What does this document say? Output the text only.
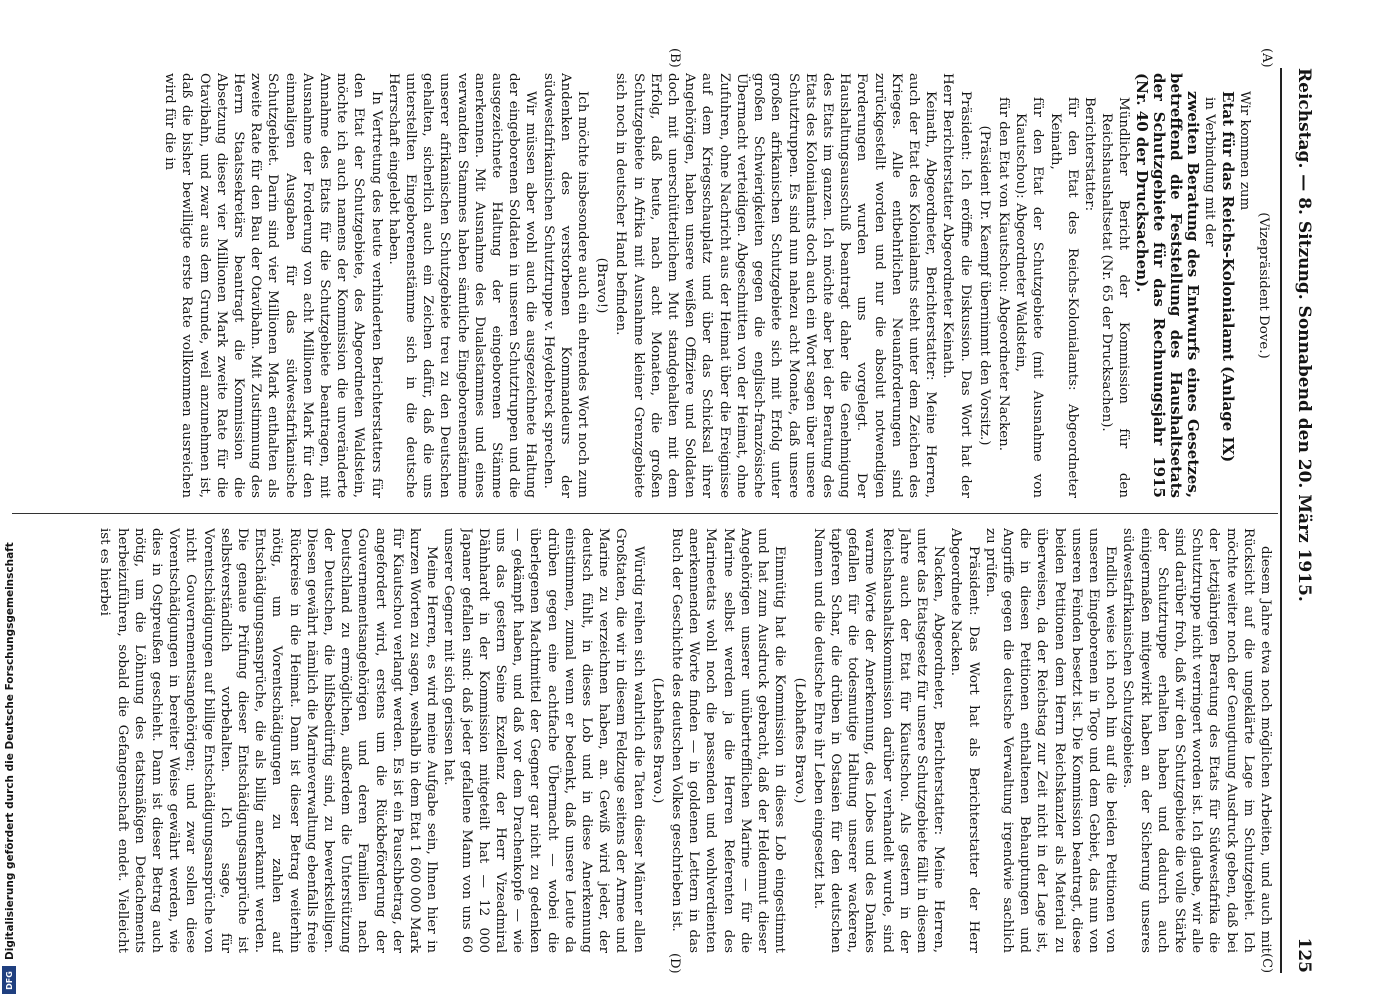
Reichstag. — 8. Sitzung. Sonnabend den 20. März 1915.
125

(Vizepräsident Dove.)

Wir kommen zum

Etat für das Reichs-Kolonialamt (Anlage IX)

in Verbindung mit der

zweiten Beratung des Entwurfs eines Gesetzes, betreffend die Feststellung des Haushaltsetats der Schutzgebiete für das Rechnungsjahr 1915 (Nr. 40 der Drucksachen).

Mündlicher Bericht der Kommission für den Reichshaushaltsetat (Nr. 65 der Drucksachen).

Berichterstatter:

für den Etat des Reichs-Kolonialamts: Abgeordneter Keinath,

für den Etat der Schutzgebiete (mit Ausnahme von Kiautschou): Abgeordneter Waldstein,

für den Etat von Kiautschou: Abgeordneter Nacken.

(Präsident Dr. Kaempf übernimmt den Vorsitz.)

Präsident: Ich eröffne die Diskussion. Das Wort hat der Herr Berichterstatter Abgeordneter Keinath.

Keinath, Abgeordneter, Berichterstatter: Meine Herren, auch der Etat des Kolonialamts steht unter dem Zeichen des Krieges. Alle entbehrlichen Neuanforderungen sind zurückgestellt worden und nur die absolut notwendigen Forderungen wurden uns vorgelegt. Der Haushaltungsausschuß beantragt daher die Genehmigung des Etats im ganzen. Ich möchte aber bei der Beratung des Etats des Kolonialamts doch auch ein Wort sagen über unsere Schutztruppen. Es sind nun nahezu acht Monate, daß unsere großen afrikanischen Schutzgebiete sich mit Erfolg unter großen Schwierigkeiten gegen die englisch-französische Übermacht verteidigen. Abgeschnitten von der Heimat, ohne Zufuhren, ohne Nachricht aus der Heimat über die Ereignisse auf dem Kriegsschauplatz und über das Schicksal ihrer Angehörigen, haben unsere weißen Offiziere und Soldaten doch mit unerschütterlichem Mut standgehalten mit dem Erfolg, daß heute, nach acht Monaten, die großen Schutzgebiete in Afrika mit Ausnahme kleiner Grenzgebiete sich noch in deutscher Hand befinden.

(Bravo!)

Ich möchte insbesondere auch ein ehrendes Wort noch zum Andenken des verstorbenen Kommandeurs der südwestafrikanischen Schutztruppe v. Heydebreck sprechen.

Wir müssen aber wohl auch die ausgezeichnete Haltung der eingeborenen Soldaten in unseren Schutztruppen und die ausgezeichnete Haltung der eingeborenen Stämme anerkennen. Mit Ausnahme des Dualastammes und eines verwandten Stammes haben sämtliche Eingeborenenstämme unserer afrikanischen Schutzgebiete treu zu den Deutschen gehalten, sicherlich auch ein Zeichen dafür, daß die uns unterstellten Eingeborenenstämme sich in die deutsche Herrschaft eingelebt haben.

In Vertretung des heute verhinderten Berichterstatters für den Etat der Schutzgebiete, des Abgeordneten Waldstein, möchte ich auch namens der Kommission die unveränderte Annahme des Etats für die Schutzgebiete beantragen, mit Ausnahme der Forderung von acht Millionen Mark für den einmaligen Ausgaben für das südwestafrikanische Schutzgebiet. Darin sind vier Millionen Mark enthalten als zweite Rate für den Bau der Otavibahn. Mit Zustimmung des Herrn Staatssekretärs beantragt die Kommission die Absetzung dieser vier Millionen Mark zweite Rate für die Otavibahn, und zwar aus dem Grunde, weil anzunehmen ist, daß die bisher bewilligte erste Rate vollkommen ausreichen wird für die in

diesem Jahre etwa noch möglichen Arbeiten, und auch mit Rücksicht auf die ungeklärte Lage im Schutzgebiet. Ich möchte weiter noch der Genugtuung Ausdruck geben, daß bei der letztjährigen Beratung des Etats für Südwestafrika die Schutztruppe nicht verringert worden ist. Ich glaube, wir alle sind darüber froh, daß wir den Schutzgebiete die volle Stärke der Schutztruppe erhalten haben und dadurch auch einigermaßen mitgewirkt haben an der Sicherung unseres südwestafrikanischen Schutzgebietes.

Endlich weise ich noch hin auf die beiden Petitionen von unseren Eingeborenen in Togo und dem Gebiet, das nun von unseren Feinden besetzt ist. Die Kommission beantragt, diese beiden Petitionen dem Herrn Reichskanzler als Material zu überweisen, da der Reichstag zur Zeit nicht in der Lage ist, die in diesen Petitionen enthaltenen Behauptungen und Angriffe gegen die deutsche Verwaltung irgendwie sachlich zu prüfen.

Präsident: Das Wort hat als Berichterstatter der Herr Abgeordnete Nacken.

Nacken, Abgeordneter, Berichterstatter: Meine Herren, unter das Etatsgesetz für unsere Schutzgebiete fällt in diesem Jahre auch der Etat für Kiautschou. Als gestern in der Reichshaushaltskommission darüber verhandelt wurde, sind warme Worte der Anerkennung, des Lobes und des Dankes gefallen für die todesmutige Haltung unserer wackeren, tapferen Schar, die drüben in Ostasien für den deutschen Namen und die deutsche Ehre ihr Leben eingesetzt hat.

(Lebhaftes Bravo.)

Einmütig hat die Kommission in dieses Lob eingestimmt und hat zum Ausdruck gebracht, daß der Heldenmut dieser Angehörigen unserer unübertrefflichen Marine — für die Marine selbst werden ja die Herren Referenten des Marineetats wohl noch die passenden und wohlverdienten anerkennenden Worte finden — in goldenen Lettern in das Buch der Geschichte des deutschen Volkes geschrieben ist.

(Lebhaftes Bravo.)

Würdig reihen sich wahrlich die Taten dieser Männer allen Großtaten, die wir in diesem Feldzuge seitens der Armee und Marine zu verzeichnen haben, an. Gewiß wird jeder, der deutsch fühlt, in dieses Lob und in diese Anerkennung einstimmen, zumal wenn er bedenkt, daß unsere Leute da drüben gegen eine achtfache Übermacht — wobei die überlegenen Machtmittel der Gegner gar nicht zu gedenken — gekämpft haben, und daß vor dem Drachenkopfe — wie uns das gestern Seine Exzellenz der Herr Vizeadmiral Dähnhardt in der Kommission mitgeteilt hat — 12 000 Japaner gefallen sind: daß jeder gefallene Mann von uns 60 unserer Gegner mit sich gerissen hat.

Meine Herren, es wird meine Aufgabe sein, Ihnen hier in kurzen Worten zu sagen, weshalb in dem Etat 1 600 000 Mark für Kiautschou verlangt werden. Es ist ein Pauschbetrag, der angefordert wird, erstens um die Rückbeförderung der Gouvernementsangehörigen und deren Familien nach Deutschland zu ermöglichen, außerdem die Unterstützung der Deutschen, die hilfsbedürftig sind, zu bewerkstelligen. Diesen gewährt nämlich die Marineverwaltung ebenfalls freie Rückreise in die Heimat. Dann ist dieser Betrag weiterhin nötig, um Vorentschädigungen zu zahlen auf Entschädigungsansprüche, die als billig anerkannt werden. Die genaue Prüfung dieser Entschädigungsansprüche ist selbstverständlich vorbehalten. Ich sage, für Vorentschädigungen auf billige Entschädigungsansprüche von nicht Gouvernementsangehörigen; und zwar sollen diese Vorentschädigungen in bereiter Weise gewährt werden, wie dies in Ostpreußen geschieht. Dann ist dieser Betrag auch nötig, um die Löhnung des etatsmäßigen Detachements herbeizuführen, sobald die Gefangenschaft endet. Vielleicht ist es hierbei

(A)
(B)
(C)
(D)
Digitalisierung gefördert durch die Deutsche Forschungsgemeinschaft
DFG
